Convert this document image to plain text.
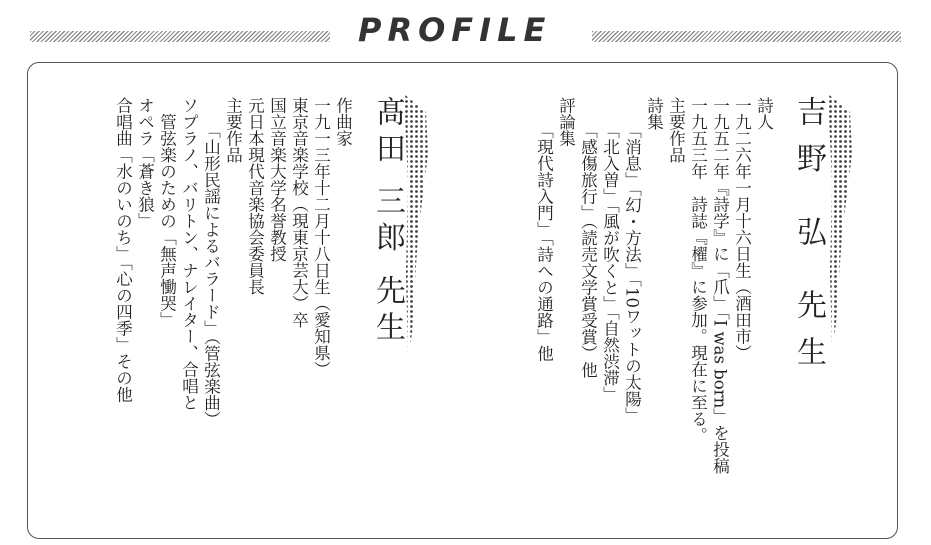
PROFILE
吉野 弘 先生
髙田 三郎 先生	詩人
一九二六年一月十六日生（酒田市）
一九五二年『詩学』に「爪」「I was born」を投稿
一九五三年　詩誌『櫂』に参加。現在に至る。
主要作品
詩集
「消息」「幻・方法」「10ワットの太陽」
「北入曽」「風が吹くと」「自然渋滞」
「感傷旅行」（読売文学賞受賞）他
評論集
「現代詩入門」「詩への通路」他
作曲家
一九一三年十二月十八日生（愛知県）
東京音楽学校（現東京芸大）卒
国立音楽大学名誉教授
元日本現代音楽協会委員長
主要作品
「山形民謡によるバラード」（管弦楽曲）
ソプラノ、バリトン、ナレイター、合唱と
　管弦楽のための「無声慟哭」
オペラ「蒼き狼」
合唱曲「水のいのち」「心の四季」その他
